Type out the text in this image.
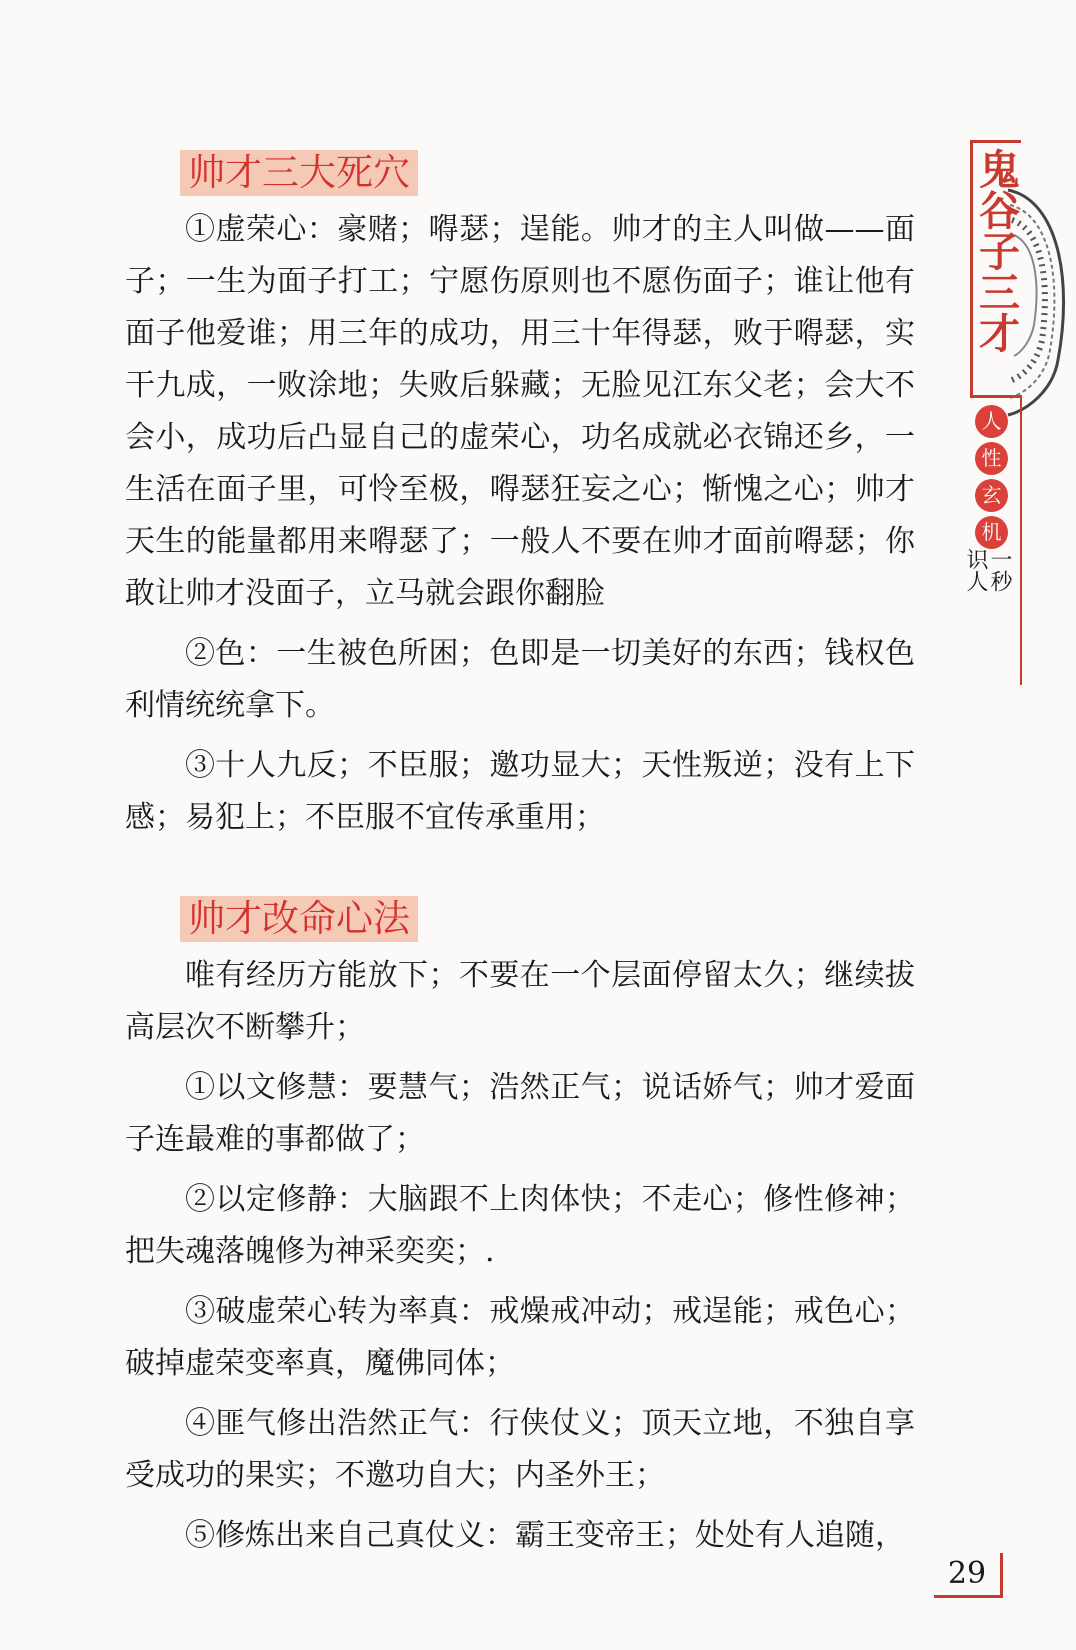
帅才三大死穴

①虚荣心：豪赌；嘚瑟；逞能。帅才的主人叫做——面子；一生为面子打工；宁愿伤原则也不愿伤面子；谁让他有面子他爱谁；用三年的成功，用三十年得瑟，败于嘚瑟，实干九成，一败涂地；失败后躲藏；无脸见江东父老；会大不会小，成功后凸显自己的虚荣心，功名成就必衣锦还乡，一生活在面子里，可怜至极，嘚瑟狂妄之心；惭愧之心；帅才天生的能量都用来嘚瑟了；一般人不要在帅才面前嘚瑟；你敢让帅才没面子，立马就会跟你翻脸

②色：一生被色所困；色即是一切美好的东西；钱权色利情统统拿下。

③十人九反；不臣服；邀功显大；天性叛逆；没有上下感；易犯上；不臣服不宜传承重用；

帅才改命心法

唯有经历方能放下；不要在一个层面停留太久；继续拔高层次不断攀升；

①以文修慧：要慧气；浩然正气；说话娇气；帅才爱面子连最难的事都做了；

②以定修静：大脑跟不上肉体快；不走心；修性修神；把失魂落魄修为神采奕奕；.

③破虚荣心转为率真：戒燥戒冲动；戒逞能；戒色心；破掉虚荣变率真，魔佛同体；

④匪气修出浩然正气：行侠仗义；顶天立地，不独自享受成功的果实；不邀功自大；内圣外王；

⑤修炼出来自己真仗义：霸王变帝王；处处有人追随，

鬼谷子三才
人
性
玄
机
一秒识人
29
